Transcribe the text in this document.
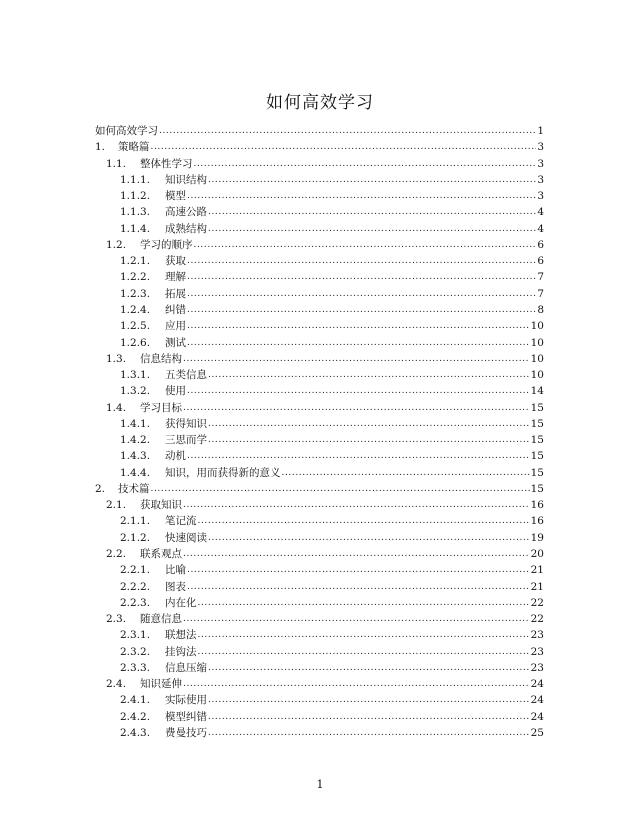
如何高效学习
如何高效学习 .....	1
1.	策略篇 .....	3
1.1.	整体性学习 .....	3
1.1.1.	知识结构 .....	3
1.1.2.	模型 .....	3
1.1.3.	高速公路 .....	4
1.1.4.	成熟结构 .....	4
1.2.	学习的顺序 .....	6
1.2.1.	获取 .....	6
1.2.2.	理解 .....	7
1.2.3.	拓展 .....	7
1.2.4.	纠错 .....	8
1.2.5.	应用 .....	10
1.2.6.	测试 .....	10
1.3.	信息结构 .....	10
1.3.1.	五类信息 .....	10
1.3.2.	使用 .....	14
1.4.	学习目标 .....	15
1.4.1.	获得知识 .....	15
1.4.2.	三思而学 .....	15
1.4.3.	动机 .....	15
1.4.4.	知识，用而获得新的意义 .....	15
2.	技术篇 .....	15
2.1.	获取知识 .....	16
2.1.1.	笔记流 .....	16
2.1.2.	快速阅读 .....	19
2.2.	联系观点 .....	20
2.2.1.	比喻 .....	21
2.2.2.	图表 .....	21
2.2.3.	内在化 .....	22
2.3.	随意信息 .....	22
2.3.1.	联想法 .....	23
2.3.2.	挂钩法 .....	23
2.3.3.	信息压缩 .....	23
2.4.	知识延伸 .....	24
2.4.1.	实际使用 .....	24
2.4.2.	模型纠错 .....	24
2.4.3.	费曼技巧 .....	25
1
